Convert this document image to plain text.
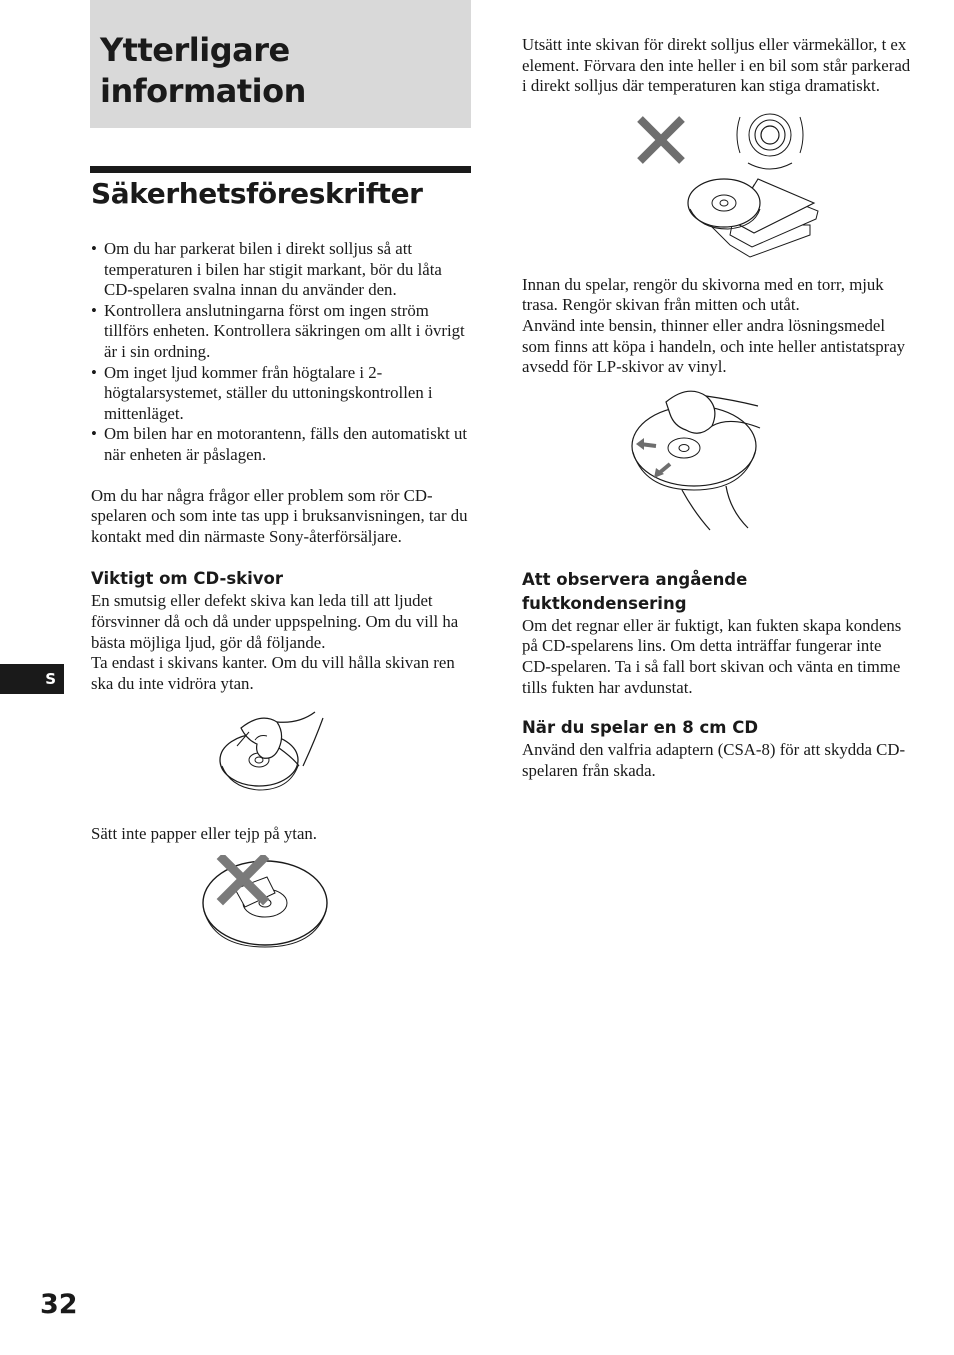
Ytterligare
information
Säkerhetsföreskrifter
• Om du har parkerat bilen i direkt solljus så att temperaturen i bilen har stigit markant, bör du låta CD-spelaren svalna innan du använder den.
• Kontrollera anslutningarna först om ingen ström tillförs enheten. Kontrollera säkringen om allt i övrigt är i sin ordning.
• Om inget ljud kommer från högtalare i 2-högtalarsystemet, ställer du uttoningskontrollen i mittenläget.
• Om bilen har en motorantenn, fälls den automatiskt ut när enheten är påslagen.

Om du har några frågor eller problem som rör CD-spelaren och som inte tas upp i bruksanvisningen, tar du kontakt med din närmaste Sony-återförsäljare.

Viktigt om CD-skivor

En smutsig eller defekt skiva kan leda till att ljudet försvinner då och då under uppspelning. Om du vill ha bästa möjliga ljud, gör då följande.

Ta endast i skivans kanter. Om du vill hålla skivan ren ska du inte vidröra ytan.

Sätt inte papper eller tejp på ytan.

Utsätt inte skivan för direkt solljus eller värmekällor, t ex element. Förvara den inte heller i en bil som står parkerad i direkt solljus där temperaturen kan stiga dramatiskt.

Innan du spelar, rengör du skivorna med en torr, mjuk trasa. Rengör skivan från mitten och utåt.

Använd inte bensin, thinner eller andra lösningsmedel som finns att köpa i handeln, och inte heller antistatspray avsedd för LP-skivor av vinyl.

Att observera angående fuktkondensering

Om det regnar eller är fuktigt, kan fukten skapa kondens på CD-spelarens lins. Om detta inträffar fungerar inte CD-spelaren. Ta i så fall bort skivan och vänta en timme tills fukten har avdunstat.

När du spelar en 8 cm CD

Använd den valfria adaptern (CSA-8) för att skydda CD-spelaren från skada.

S
32
